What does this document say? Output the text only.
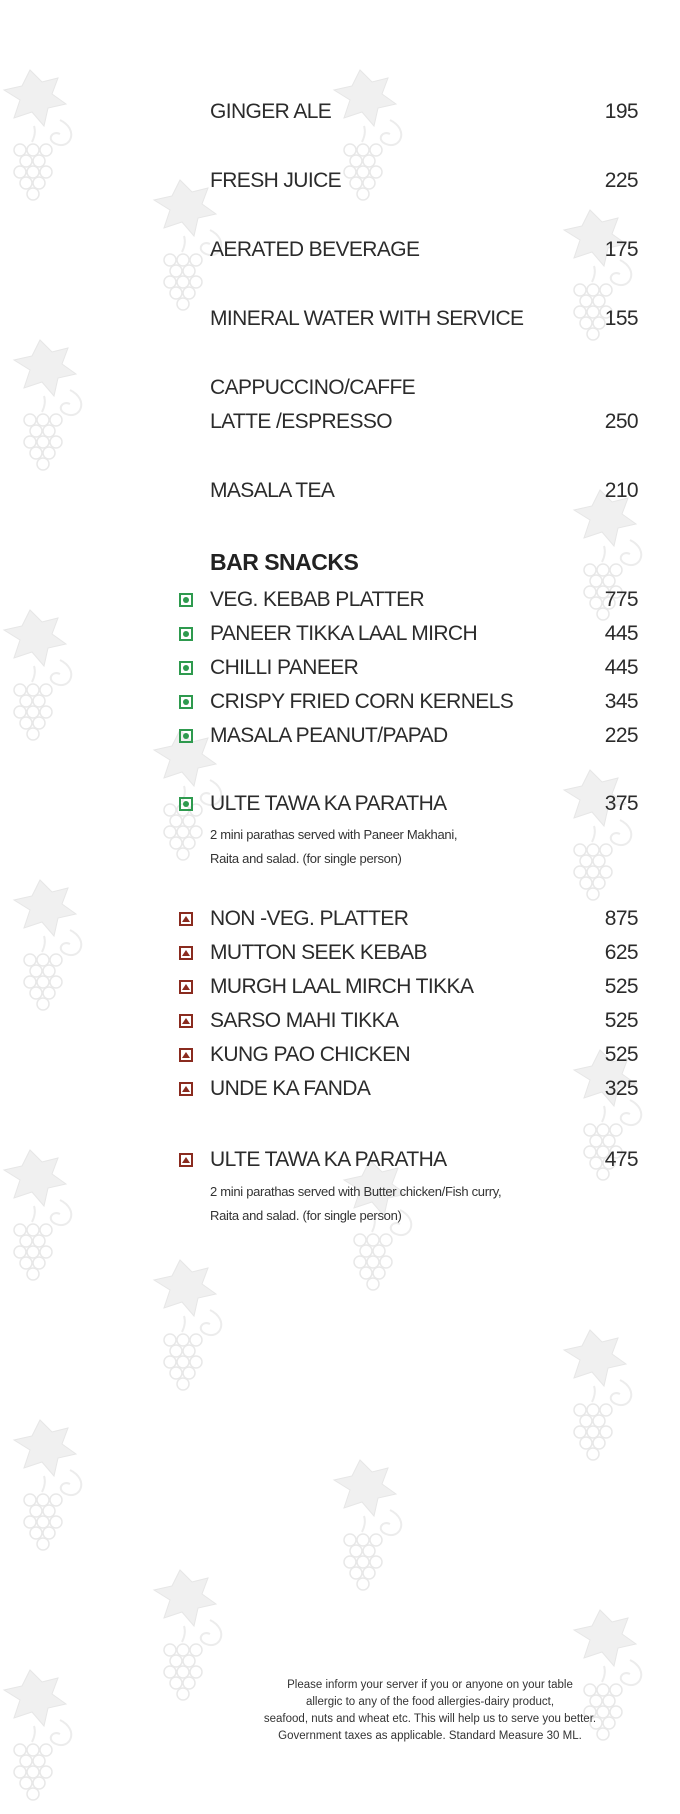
GINGER ALE	195
FRESH JUICE	225
AERATED BEVERAGE	175
MINERAL WATER WITH SERVICE	155
CAPPUCCINO/CAFFE
LATTE /ESPRESSO	250
MASALA TEA	210
BAR SNACKS
VEG. KEBAB PLATTER	775
PANEER TIKKA LAAL MIRCH	445
CHILLI PANEER	445
CRISPY FRIED CORN KERNELS	345
MASALA PEANUT/PAPAD	225
ULTE TAWA KA PARATHA	375
2 mini parathas served with Paneer Makhani,
Raita and salad. (for single person)
NON -VEG. PLATTER	875
MUTTON SEEK KEBAB	625
MURGH LAAL MIRCH TIKKA	525
SARSO MAHI TIKKA	525
KUNG PAO CHICKEN	525
UNDE KA FANDA	325
ULTE TAWA KA PARATHA	475
2 mini parathas served with Butter chicken/Fish curry,
Raita and salad. (for single person)
Please inform your server if you or anyone on your table
allergic to any of the food allergies-dairy product,
seafood, nuts and wheat etc. This will help us to serve you better.
Government taxes as applicable. Standard Measure 30 ML.
